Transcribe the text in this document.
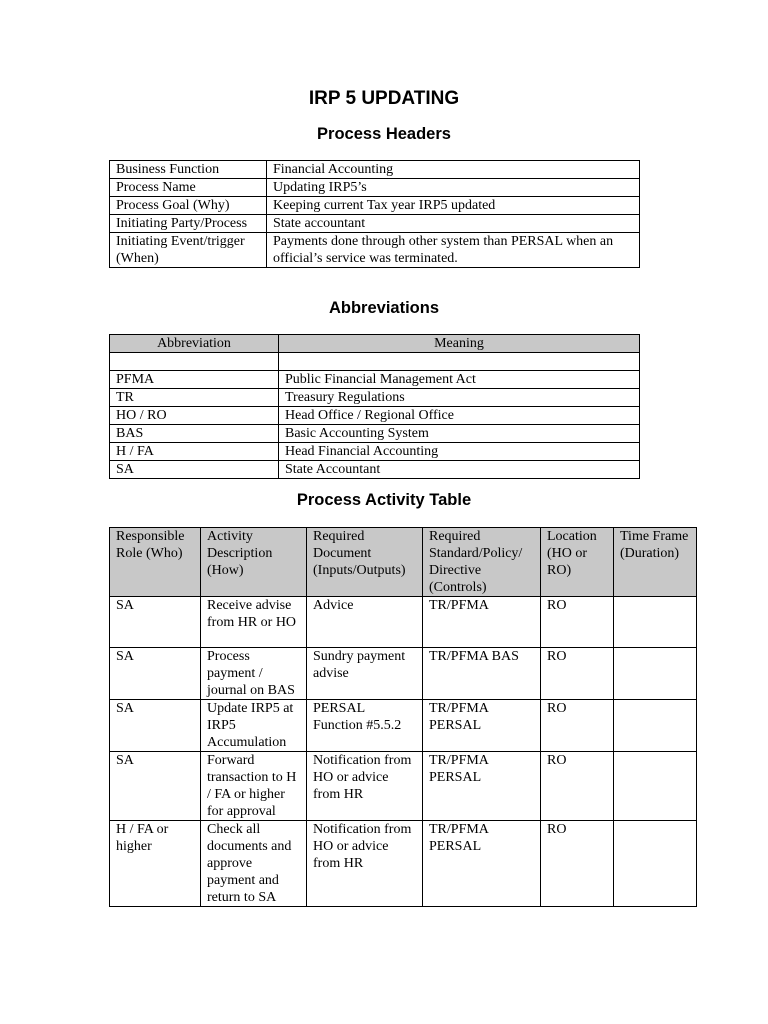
IRP 5 UPDATING
Process Headers
Business Function	Financial Accounting
Process Name	Updating IRP5’s
Process Goal (Why)	Keeping current Tax year IRP5 updated
Initiating Party/Process	State accountant
Initiating Event/trigger (When)	Payments done through other system than PERSAL when an official’s service was terminated.
Abbreviations
Abbreviation	Meaning

PFMA	Public Financial Management Act
TR	Treasury Regulations
HO / RO	Head Office / Regional Office
BAS	Basic Accounting System
H / FA	Head Financial Accounting
SA	State Accountant
Process Activity Table
Responsible Role (Who)	Activity Description (How)	Required Document (Inputs/Outputs)	Required Standard/Policy/ Directive (Controls)	Location (HO or RO)	Time Frame (Duration)
SA	Receive advise from HR or HO	Advice	TR/PFMA	RO	
SA	Process payment / journal on BAS	Sundry payment advise	TR/PFMA BAS	RO	
SA	Update IRP5 at IRP5 Accumulation	PERSAL Function #5.5.2	TR/PFMA PERSAL	RO	
SA	Forward transaction to H / FA or higher for approval	Notification from HO or advice from HR	TR/PFMA PERSAL	RO	
H / FA or higher	Check all documents and approve payment and return to SA	Notification from HO or advice from HR	TR/PFMA PERSAL	RO	
